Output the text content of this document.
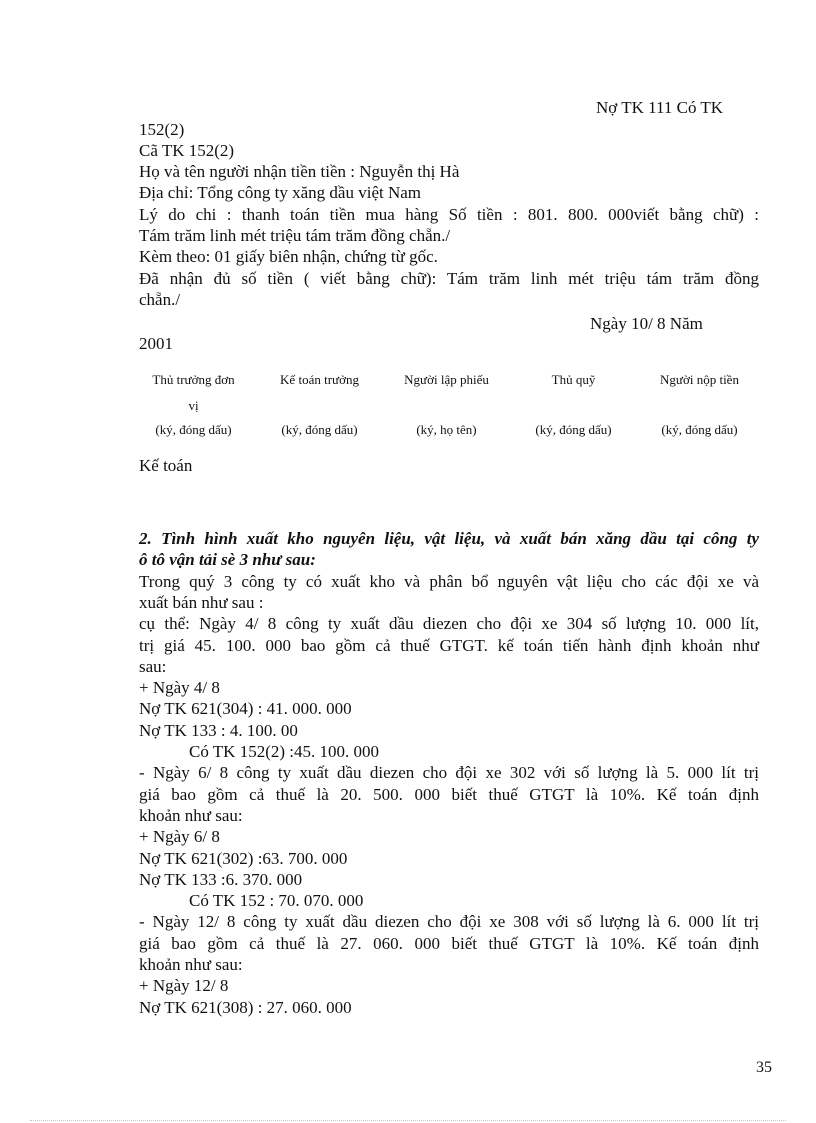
Nợ TK 111 Có TK
152(2)
Cã TK 152(2)
Họ và tên người nhận tiền tiền : Nguyễn thị Hà
Địa chỉ: Tổng công ty xăng dầu việt Nam
Lý do chi : thanh toán tiền mua hàng Số tiền : 801. 800. 000viết bằng chữ) :
Tám trăm linh mét triệu tám trăm đồng chẵn./
Kèm theo: 01 giấy biên nhận, chứng từ gốc.
Đã nhận đủ số tiền ( viết bằng chữ): Tám trăm linh mét triệu tám trăm đồng
chẵn./
Ngày 10/ 8 Năm
2001
Thủ trưởng đơn
vị
(ký, đóng dấu)
Kế toán trưởng
(ký, đóng dấu)
Người lập phiếu
(ký, họ tên)
Thủ quỹ
(ký, đóng dấu)
Người nộp tiền
(ký, đóng dấu)
Kế toán
2. Tình hình xuất kho nguyên liệu, vật liệu, và xuất bán xăng dầu tại công ty
ô tô vận tải sè 3 như sau:
Trong quý 3 công ty có xuất kho và phân bổ nguyên vật liệu cho các đội xe và
xuất bán như sau :
cụ thể: Ngày 4/ 8 công ty xuất dầu diezen cho đội xe 304 số lượng 10. 000 lít,
trị giá 45. 100. 000 bao gồm cả thuế GTGT. kế toán tiến hành định khoản như
sau:
+ Ngày 4/ 8
Nợ TK 621(304) : 41. 000. 000
Nợ TK 133 : 4. 100. 00
Có TK 152(2) :45. 100. 000
- Ngày 6/ 8 công ty xuất dầu diezen cho đội xe 302 với số lượng là 5. 000 lít trị
giá bao gồm cả thuế là 20. 500. 000 biết thuế GTGT là 10%. Kế toán định
khoản như sau:
+ Ngày 6/ 8
Nợ TK 621(302) :63. 700. 000
Nợ TK 133 :6. 370. 000
Có TK 152 : 70. 070. 000
- Ngày 12/ 8 công ty xuất dầu diezen cho đội xe 308 với số lượng là 6. 000 lít trị
giá bao gồm cả thuế là 27. 060. 000 biết thuế GTGT là 10%. Kế toán định
khoản như sau:
+ Ngày 12/ 8
Nợ TK 621(308) : 27. 060. 000
35
